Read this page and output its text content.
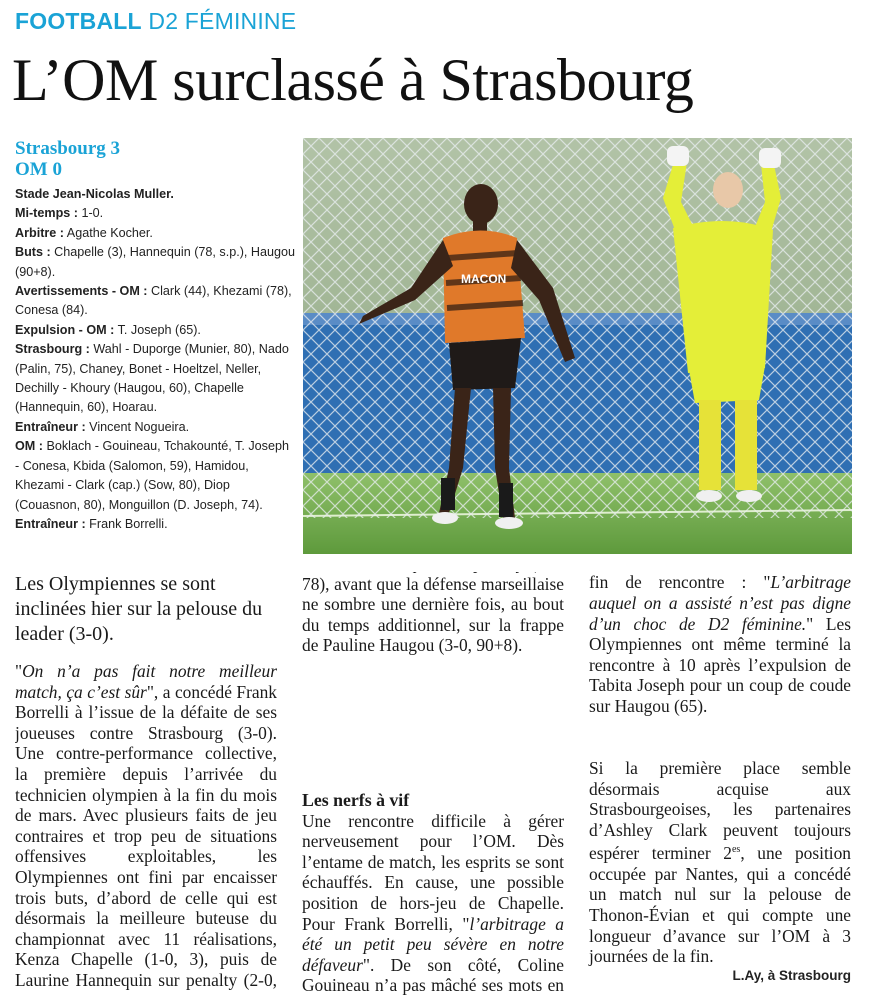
FOOTBALL D2 FÉMININE
L’OM surclassé à Strasbourg
Strasbourg 3
OM 0

Stade Jean-Nicolas Muller.

Mi-temps : 1-0.

Arbitre : Agathe Kocher.

Buts : Chapelle (3), Hannequin (78, s.p.), Haugou (90+8).

Avertissements - OM : Clark (44), Khezami (78), Conesa (84).

Expulsion - OM : T. Joseph (65).

Strasbourg : Wahl - Duporge (Munier, 80), Nado (Palin, 75), Chaney, Bonet - Hoeltzel, Neller, Dechilly - Khoury (Haugou, 60), Chapelle (Hannequin, 60), Hoarau.

Entraîneur : Vincent Nogueira.

OM : Boklach - Gouineau, Tchakounté, T. Joseph - Conesa, Kbida (Salomon, 59), Hamidou, Khezami - Clark (cap.) (Sow, 80), Diop (Couasnon, 80), Monguillon (D. Joseph, 74).

Entraîneur : Frank Borrelli.

MACON

Les Olympiennes se sont inclinées hier sur la pelouse du leader (3-0).

"On n’a pas fait notre meilleur match, ça c’est sûr", a concédé Frank Borrelli à l’issue de la défaite de ses joueuses contre Strasbourg (3-0). Une contre-performance collective, la première depuis l’arrivée du technicien olympien à la fin du mois de mars. Avec plusieurs faits de jeu contraires et trop peu de situations offensives exploitables, les Olympiennes ont fini par encaisser trois buts, d’abord de celle qui est désormais la meilleure buteuse du championnat avec 11 réalisations, Kenza Chapelle (1-0, 3), puis de Laurine Hannequin sur penalty (2-0,

78), avant que la défense marseillaise ne sombre une dernière fois, au bout du temps additionnel, sur la frappe de Pauline Haugou (3-0, 90+8).

Les nerfs à vif

Une rencontre difficile à gérer nerveusement pour l’OM. Dès l’entame de match, les esprits se sont échauffés. En cause, une possible position de hors-jeu de Chapelle. Pour Frank Borrelli, "l’arbitrage a été un petit peu sévère en notre défaveur". De son côté, Coline Gouineau n’a pas mâché ses mots en

fin de rencontre : "L’arbitrage auquel on a assisté n’est pas digne d’un choc de D2 féminine." Les Olympiennes ont même terminé la rencontre à 10 après l’expulsion de Tabita Joseph pour un coup de coude sur Haugou (65).

Si la première place semble désormais acquise aux Strasbourgeoises, les partenaires d’Ashley Clark peuvent toujours espérer terminer $2^{es}$, une position occupée par Nantes, qui a concédé un match nul sur la pelouse de Thonon-Évian et qui compte une longueur d’avance sur l’OM à 3 journées de la fin.

L.Ay, à Strasbourg
